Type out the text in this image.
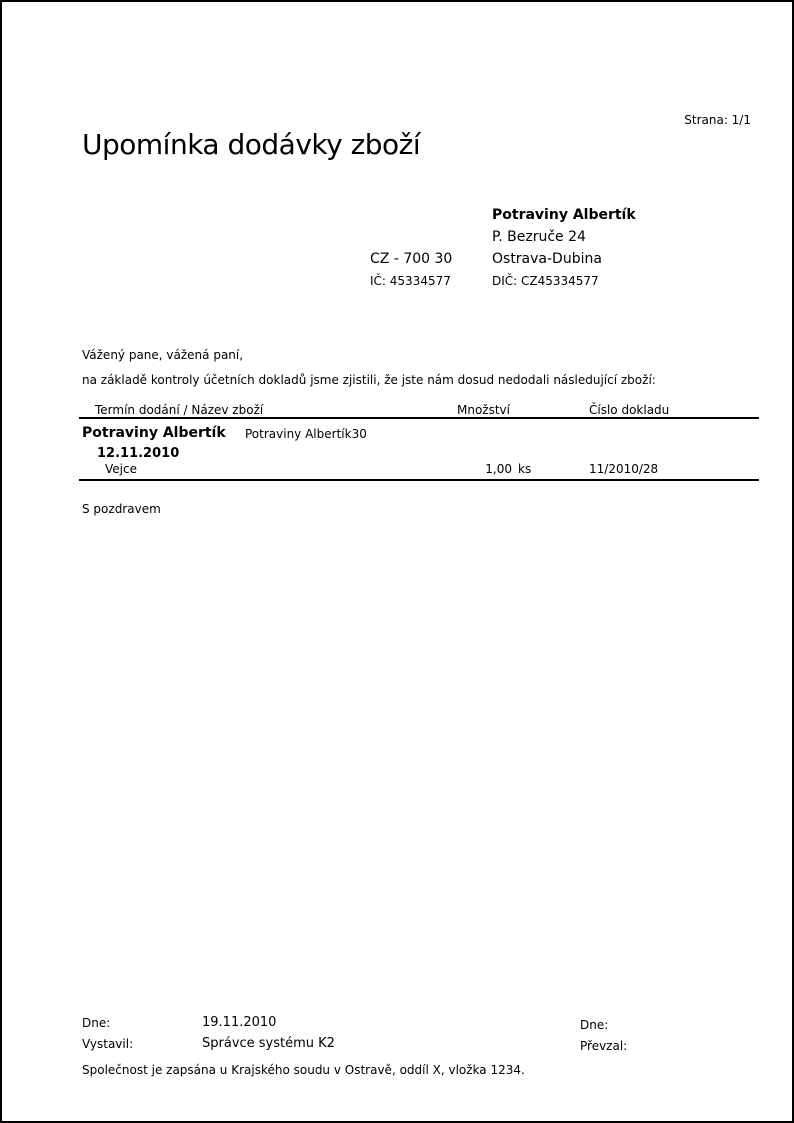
Strana: 1/1
Upomínka dodávky zboží
Potraviny Albertík
P. Bezruče 24
CZ - 700 30	Ostrava-Dubina
IČ: 45334577	DIČ: CZ45334577
Vážený pane, vážená paní,
na základě kontroly účetních dokladů jsme zjistili, že jste nám dosud nedodali následující zboží:
Termín dodání / Název zboží	Množství	Číslo dokladu
Potraviny Albertík Potraviny Albertík30
12.11.2010
Vejce	1,00 ks	11/2010/28
S pozdravem
Dne:	19.11.2010
Vystavil:	Správce systému K2
Dne:
Převzal:
Společnost je zapsána u Krajského soudu v Ostravě, oddíl X, vložka 1234.
